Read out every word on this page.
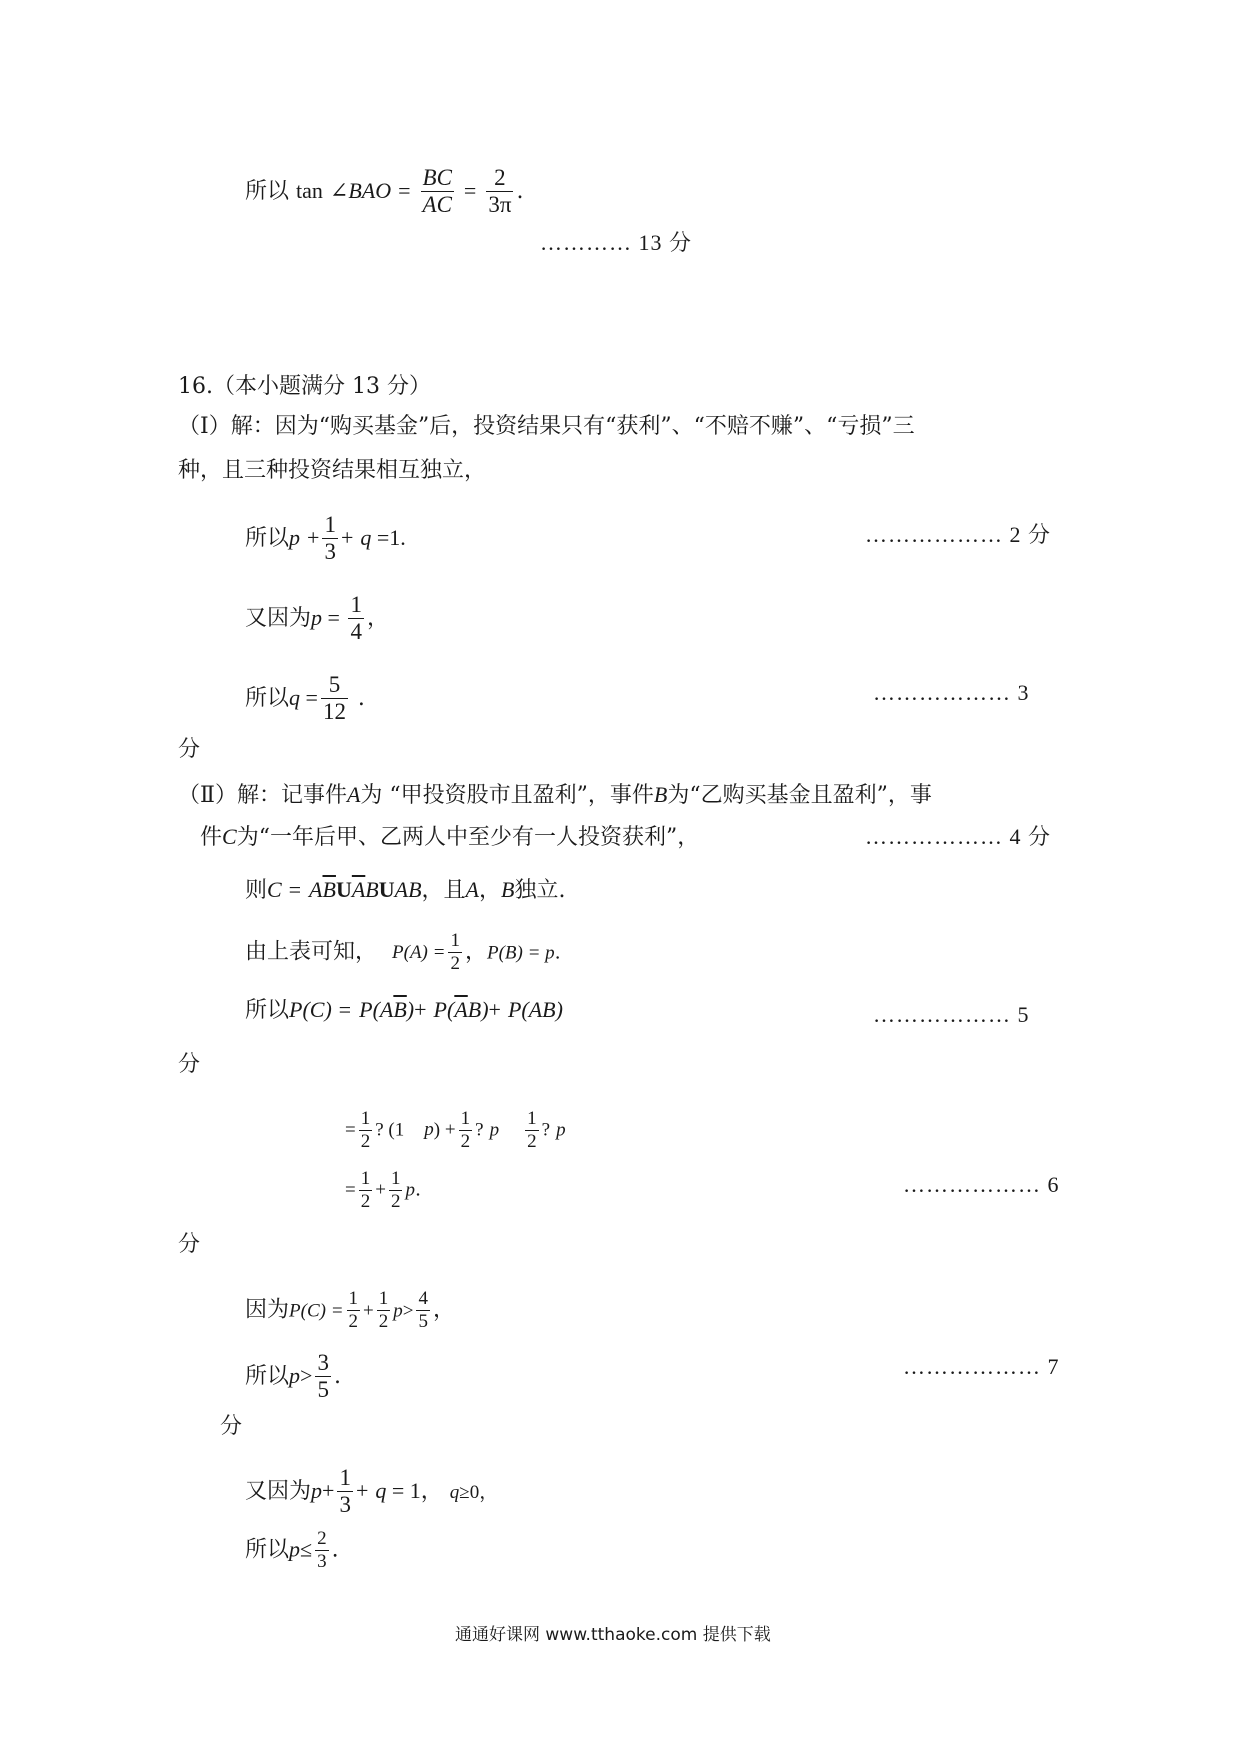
所以 tan ∠BAO = $\frac{BC}{AC} = \frac{2}{3\pi}$ .
………… 13 分
16.（本小题满分 13 分）
（Ⅰ）解：因为“购买基金”后，投资结果只有“获利”、“不赔不赚”、“亏损”三
种，且三种投资结果相互独立，
所以$p + \frac{1}{3} + q =1$.	……………… 2 分
又因为$p = \frac{1}{4}$ ，
所以$q = \frac{5}{12}$ .	……………… 3
分
（Ⅱ）解：记事件A为 “甲投资股市且盈利”，事件B为“乙购买基金且盈利”，事
件C为“一年后甲、乙两人中至少有一人投资获利”，	……………… 4 分
则$C = A\overline{B}U\overline{A}BUAB$，且A，B独立.
由上表可知， $P(A) = \frac{1}{2}$ ，P(B) = p.
所以$P(C) = P(A\overline{B})+ P(\overline{A}B)+ P(AB)$	……………… 5
分
= $\frac{1}{2}$ ? (1 $p) + \frac{1}{2}$ ? p $\frac{1}{2}$ ? p
= $\frac{1}{2} + \frac{1}{2} p$.	……………… 6
分
因为$P(C) = \frac{1}{2} + \frac{1}{2} p> \frac{4}{5}$ ，
所以$p> \frac{3}{5}$ .	……………… 7
分
又因为$p+ \frac{1}{3} + q = 1$， q≥0，
所以$p\le \frac{2}{3}$ .
通通好课网 www.tthaoke.com 提供下载
